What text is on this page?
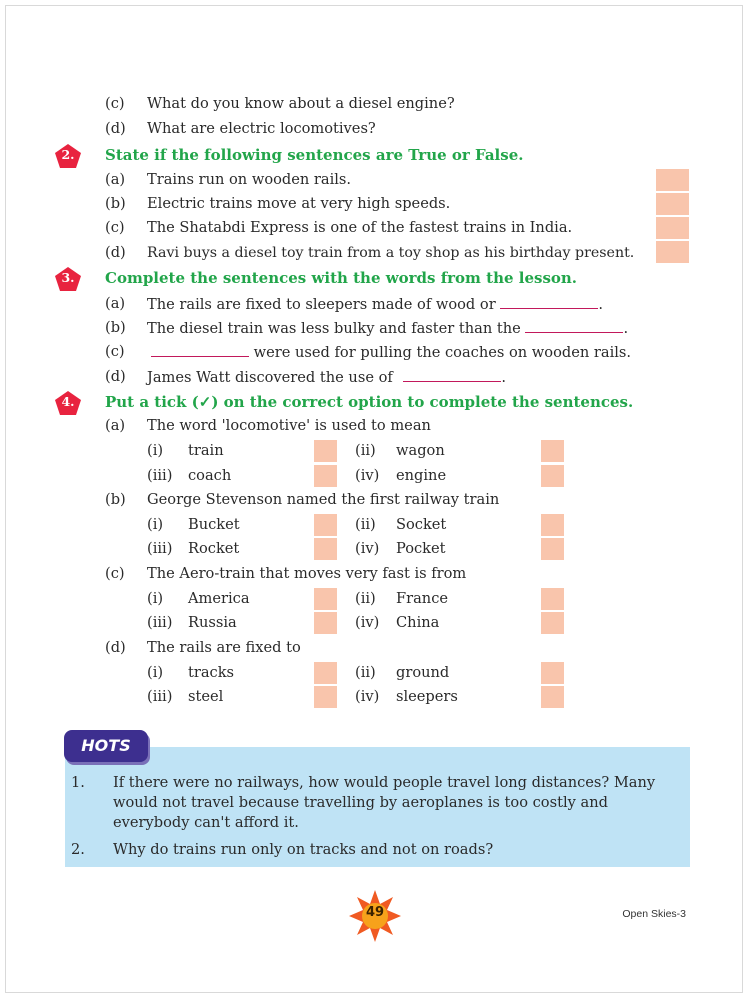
(c) What do you know about a diesel engine?
(d) What are electric locomotives?
2.	State if the following sentences are True or False.
(a) Trains run on wooden rails.
(b) Electric trains move at very high speeds.
(c) The Shatabdi Express is one of the fastest trains in India.
(d) Ravi buys a diesel toy train from a toy shop as his birthday present.
3.	Complete the sentences with the words from the lesson.
(a) The rails are fixed to sleepers made of wood or	.
(b) The diesel train was less bulky and faster than the	.
(c)	were used for pulling the coaches on wooden rails.
(d) James Watt discovered the use of	.
4.	Put a tick (✓) on the correct option to complete the sentences.
(a) The word 'locomotive' is used to mean
(i) train	(ii) wagon
(iii) coach	(iv) engine
(b) George Stevenson named the first railway train
(i) Bucket	(ii) Socket
(iii) Rocket	(iv) Pocket
(c) The Aero-train that moves very fast is from
(i) America	(ii) France
(iii) Russia	(iv) China
(d) The rails are fixed to
(i) tracks	(ii) ground
(iii) steel	(iv) sleepers
HOTS
1. If there were no railways, how would people travel long distances? Many would not travel because travelling by aeroplanes is too costly and everybody can't afford it.
2. Why do trains run only on tracks and not on roads?
49	Open Skies-3
